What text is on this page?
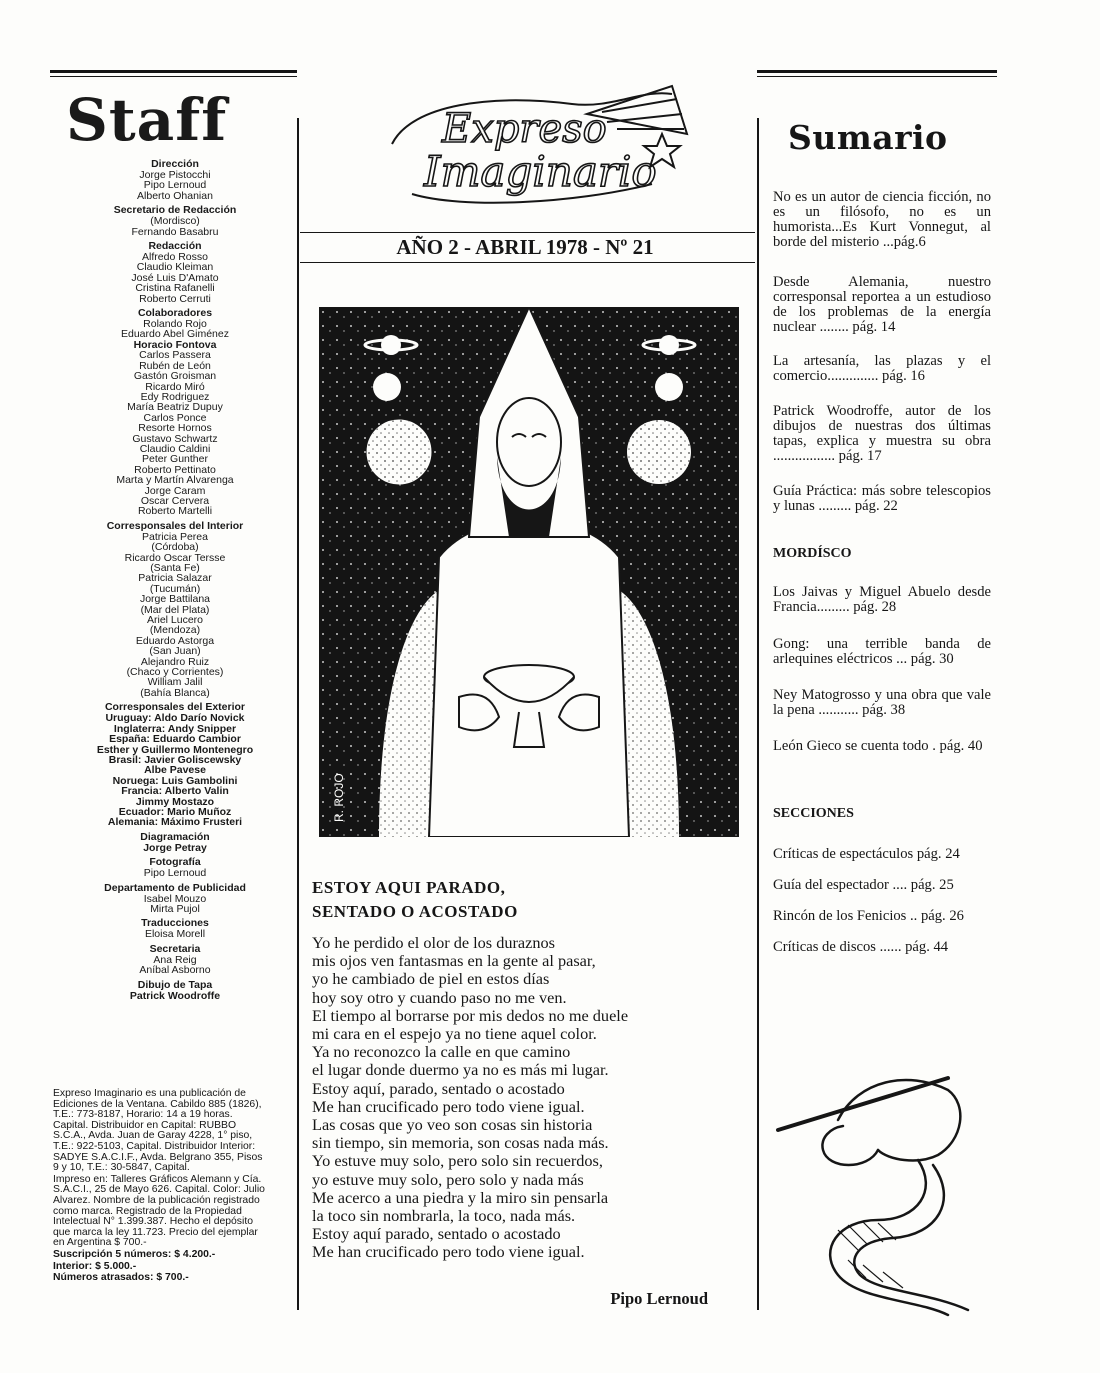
Staff
Dirección
Jorge Pistocchi
Pipo Lernoud
Alberto Ohanian
Secretario de Redacción
(Mordisco)
Fernando Basabru
Redacción
Alfredo Rosso
Claudio Kleiman
José Luis D'Amato
Cristina Rafanelli
Roberto Cerruti
Colaboradores
Rolando Rojo
Eduardo Abel Giménez
Horacio Fontova
Carlos Passera
Rubén de León
Gastón Groisman
Ricardo Miró
Edy Rodriguez
María Beatriz Dupuy
Carlos Ponce
Resorte Hornos
Gustavo Schwartz
Claudio Caldini
Peter Gunther
Roberto Pettinato
Marta y Martín Alvarenga
Jorge Caram
Oscar Cervera
Roberto Martelli
Corresponsales del Interior
Patricia Perea
(Córdoba)
Ricardo Oscar Tersse
(Santa Fe)
Patricia Salazar
(Tucumán)
Jorge Battilana
(Mar del Plata)
Ariel Lucero
(Mendoza)
Eduardo Astorga
(San Juan)
Alejandro Ruiz
(Chaco y Corrientes)
William Jalil
(Bahía Blanca)
Corresponsales del Exterior
Uruguay: Aldo Darío Novick
Inglaterra: Andy Snipper
España: Eduardo Cambior
Esther y Guillermo Montenegro
Brasil: Javier Goliscewsky
Albe Pavese
Noruega: Luis Gambolini
Francia: Alberto Valin
Jimmy Mostazo
Ecuador: Mario Muñoz
Alemania: Máximo Frusteri
Diagramación
Jorge Petray
Fotografía
Pipo Lernoud
Departamento de Publicidad
Isabel Mouzo
Mirta Pujol
Traducciones
Eloisa Morell
Secretaria
Ana Reig
Aníbal Asborno
Dibujo de Tapa
Patrick Woodroffe

Expreso Imaginario es una publicación de Ediciones de la Ventana. Cabildo 885 (1826), T.E.: 773-8187, Horario: 14 a 19 horas. Capital. Distribuidor en Capital: RUBBO S.C.A., Avda. Juan de Garay 4228, 1° piso, T.E.: 922-5103, Capital. Distribuidor Interior: SADYE S.A.C.I.F., Avda. Belgrano 355, Pisos 9 y 10, T.E.: 30-5847, Capital.

Impreso en: Talleres Gráficos Alemann y Cía. S.A.C.I., 25 de Mayo 626. Capital. Color: Julio Alvarez. Nombre de la publicación registrado como marca. Registrado de la Propiedad Intelectual N° 1.399.387. Hecho el depósito que marca la ley 11.723. Precio del ejemplar en Argentina $ 700.-

Suscripción 5 números: $ 4.200.-

Interior: $ 5.000.-

Números atrasados: $ 700.-

Expreso
Imaginario
AÑO 2 - ABRIL 1978 - Nº 21
R. ROJO
ESTOY AQUI PARADO,
SENTADO O ACOSTADO
Yo he perdido el olor de los duraznos
mis ojos ven fantasmas en la gente al pasar,
yo he cambiado de piel en estos días
hoy soy otro y cuando paso no me ven.
El tiempo al borrarse por mis dedos no me duele
mi cara en el espejo ya no tiene aquel color.
Ya no reconozco la calle en que camino
el lugar donde duermo ya no es más mi lugar.
Estoy aquí, parado, sentado o acostado
Me han crucificado pero todo viene igual.
Las cosas que yo veo son cosas sin historia
sin tiempo, sin memoria, son cosas nada más.
Yo estuve muy solo, pero solo sin recuerdos,
yo estuve muy solo, pero solo y nada más
Me acerco a una piedra y la miro sin pensarla
la toco sin nombrarla, la toco, nada más.
Estoy aquí parado, sentado o acostado
Me han crucificado pero todo viene igual.
Pipo Lernoud
Sumario
No es un autor de ciencia ficción, no es un filósofo, no es un humorista...Es Kurt Vonnegut, al borde del misterio ...pág.6
Desde Alemania, nuestro corresponsal reportea a un estudioso de los problemas de la energía nuclear ........ pág. 14
La artesanía, las plazas y el comercio.............. pág. 16
Patrick Woodroffe, autor de los dibujos de nuestras dos últimas tapas, explica y muestra su obra ................. pág. 17
Guía Práctica: más sobre telescopios y lunas ......... pág. 22
MORDÍSCO
Los Jaivas y Miguel Abuelo desde Francia......... pág. 28
Gong: una terrible banda de arlequines eléctricos ... pág. 30
Ney Matogrosso y una obra que vale la pena ........... pág. 38
León Gieco se cuenta todo . pág. 40
SECCIONES
Críticas de espectáculos pág. 24
Guía del espectador .... pág. 25
Rincón de los Fenicios .. pág. 26
Críticas de discos ...... pág. 44
